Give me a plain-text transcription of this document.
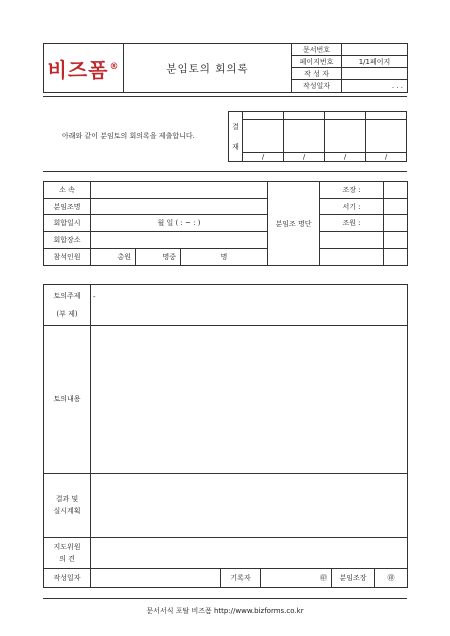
비즈폼®	분임토의 회의록	문서번호	
		페이지번호	1/1페이지
		작 성 자	
		작성일자	. . .
아래와 같이 분임토의 회의록을 제출합니다.
결
재				

	/	/	/	/
소 속				분임조 명단	조장 :	
분임조명					서기 :	
회합일시	월 일 ( : ~ : )				조원 :	
회합장소						
참석인원	총원	명중	명			
토의주제
(부 제)	-				
토의내용					
결과 및
실시계획					
지도위원
의 견					
작성일자		기록자	㊞	분임조장	㊞
문서서식 포탈 비즈폼 http://www.bizforms.co.kr
